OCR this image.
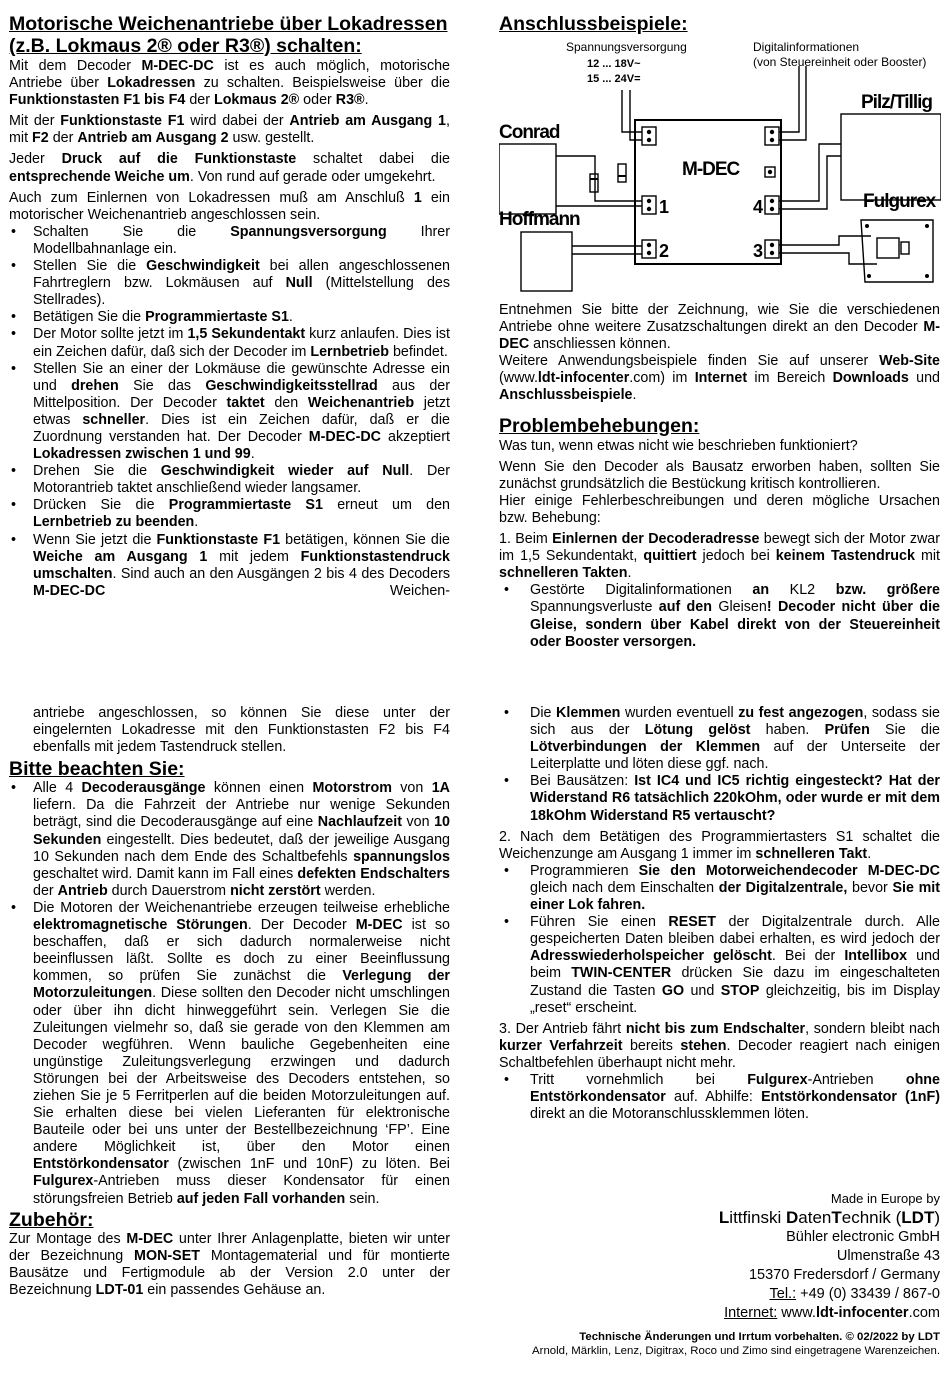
Motorische Weichenantriebe über Lokadressen
(z.B. Lokmaus 2® oder R3®) schalten:
Mit dem Decoder M-DEC-DC ist es auch möglich, motorische Antriebe über Lokadressen zu schalten. Beispielsweise über die Funktionstasten F1 bis F4 der Lokmaus 2® oder R3®.
Mit der Funktionstaste F1 wird dabei der Antrieb am Ausgang 1, mit F2 der Antrieb am Ausgang 2 usw. gestellt.
Jeder Druck auf die Funktionstaste schaltet dabei die entsprechende Weiche um. Von rund auf gerade oder umgekehrt.
Auch zum Einlernen von Lokadressen muß am Anschluß 1 ein motorischer Weichenantrieb angeschlossen sein.
• Schalten Sie die Spannungsversorgung Ihrer Modellbahnanlage ein.
• Stellen Sie die Geschwindigkeit bei allen angeschlossenen Fahrtreglern bzw. Lokmäusen auf Null (Mittelstellung des Stellrades).
• Betätigen Sie die Programmiertaste S1.
• Der Motor sollte jetzt im 1,5 Sekundentakt kurz anlaufen. Dies ist ein Zeichen dafür, daß sich der Decoder im Lernbetrieb befindet.
• Stellen Sie an einer der Lokmäuse die gewünschte Adresse ein und drehen Sie das Geschwindigkeitsstellrad aus der Mittelposition. Der Decoder taktet den Weichenantrieb jetzt etwas schneller. Dies ist ein Zeichen dafür, daß er die Zuordnung verstanden hat. Der Decoder M-DEC-DC akzeptiert Lokadressen zwischen 1 und 99.
• Drehen Sie die Geschwindigkeit wieder auf Null. Der Motorantrieb taktet anschließend wieder langsamer.
• Drücken Sie die Programmiertaste S1 erneut um den Lernbetrieb zu beenden.
• Wenn Sie jetzt die Funktionstaste F1 betätigen, können Sie die Weiche am Ausgang 1 mit jedem Funktionstastendruck umschalten. Sind auch an den Ausgängen 2 bis 4 des Decoders M-DEC-DC Weichen-
antriebe angeschlossen, so können Sie diese unter der eingelernten Lokadresse mit den Funktionstasten F2 bis F4 ebenfalls mit jedem Tastendruck stellen.
Bitte beachten Sie:
• Alle 4 Decoderausgänge können einen Motorstrom von 1A liefern. Da die Fahrzeit der Antriebe nur wenige Sekunden beträgt, sind die Decoderausgänge auf eine Nachlaufzeit von 10 Sekunden eingestellt. Dies bedeutet, daß der jeweilige Ausgang 10 Sekunden nach dem Ende des Schaltbefehls spannungslos geschaltet wird. Damit kann im Fall eines defekten Endschalters der Antrieb durch Dauerstrom nicht zerstört werden.
• Die Motoren der Weichenantriebe erzeugen teilweise erhebliche elektromagnetische Störungen. Der Decoder M-DEC ist so beschaffen, daß er sich dadurch normalerweise nicht beeinflussen läßt. Sollte es doch zu einer Beeinflussung kommen, so prüfen Sie zunächst die Verlegung der Motorzuleitungen. Diese sollten den Decoder nicht umschlingen oder über ihn dicht hinweggeführt sein. Verlegen Sie die Zuleitungen vielmehr so, daß sie gerade von den Klemmen am Decoder wegführen. Wenn bauliche Gegebenheiten eine ungünstige Zuleitungsverlegung erzwingen und dadurch Störungen bei der Arbeitsweise des Decoders entstehen, so ziehen Sie je 5 Ferritperlen auf die beiden Motorzuleitungen auf. Sie erhalten diese bei vielen Lieferanten für elektronische Bauteile oder bei uns unter der Bestellbezeichnung ‘FP’. Eine andere Möglichkeit ist, über den Motor einen Entstörkondensator (zwischen 1nF und 10nF) zu löten. Bei Fulgurex-Antrieben muss dieser Kondensator für einen störungsfreien Betrieb auf jeden Fall vorhanden sein.
Zubehör:
Zur Montage des M-DEC unter Ihrer Anlagenplatte, bieten wir unter der Bezeichnung MON-SET Montagematerial und für montierte Bausätze und Fertigmodule ab der Version 2.0 unter der Bezeichnung LDT-01 ein passendes Gehäuse an.
Anschlussbeispiele:
Spannungsversorgung
12 ... 18V~
15 ... 24V=
Digitalinformationen
(von Steuereinheit oder Booster)
Pilz/Tillig
Conrad
Hoffmann
Fulgurex
M-DEC
1
2	3
4
Entnehmen Sie bitte der Zeichnung, wie Sie die verschiedenen Antriebe ohne weitere Zusatzschaltungen direkt an den Decoder M-DEC anschliessen können.
Weitere Anwendungsbeispiele finden Sie auf unserer Web-Site (www.ldt-infocenter.com) im Internet im Bereich Downloads und Anschlussbeispiele.
Problembehebungen:
Was tun, wenn etwas nicht wie beschrieben funktioniert?
Wenn Sie den Decoder als Bausatz erworben haben, sollten Sie zunächst grundsätzlich die Bestückung kritisch kontrollieren.
Hier einige Fehlerbeschreibungen und deren mögliche Ursachen bzw. Behebung:
1. Beim Einlernen der Decoderadresse bewegt sich der Motor zwar im 1,5 Sekundentakt, quittiert jedoch bei keinem Tastendruck mit schnelleren Takten.
• Gestörte Digitalinformationen an KL2 bzw. größere Spannungsverluste auf den Gleisen! Decoder nicht über die Gleise, sondern über Kabel direkt von der Steuereinheit oder Booster versorgen.
• Die Klemmen wurden eventuell zu fest angezogen, sodass sie sich aus der Lötung gelöst haben. Prüfen Sie die Lötverbindungen der Klemmen auf der Unterseite der Leiterplatte und löten diese ggf. nach.
• Bei Bausätzen: Ist IC4 und IC5 richtig eingesteckt? Hat der Widerstand R6 tatsächlich 220kOhm, oder wurde er mit dem 18kOhm Widerstand R5 vertauscht?
2. Nach dem Betätigen des Programmiertasters S1 schaltet die Weichenzunge am Ausgang 1 immer im schnelleren Takt.
• Programmieren Sie den Motorweichendecoder M-DEC-DC gleich nach dem Einschalten der Digitalzentrale, bevor Sie mit einer Lok fahren.
• Führen Sie einen RESET der Digitalzentrale durch. Alle gespeicherten Daten bleiben dabei erhalten, es wird jedoch der Adresswiederholspeicher gelöscht. Bei der Intellibox und beim TWIN-CENTER drücken Sie dazu im eingeschalteten Zustand die Tasten GO und STOP gleichzeitig, bis im Display „reset“ erscheint.
3. Der Antrieb fährt nicht bis zum Endschalter, sondern bleibt nach kurzer Verfahrzeit bereits stehen. Decoder reagiert nach einigen Schaltbefehlen überhaupt nicht mehr.
• Tritt vornehmlich bei Fulgurex-Antrieben ohne Entstörkondensator auf. Abhilfe: Entstörkondensator (1nF) direkt an die Motoranschlussklemmen löten.
Made in Europe by
Littfinski DatenTechnik (LDT)
Bühler electronic GmbH
Ulmenstraße 43
15370 Fredersdorf / Germany
Tel.: +49 (0) 33439 / 867-0
Internet: www.ldt-infocenter.com
Technische Änderungen und Irrtum vorbehalten. © 02/2022 by LDT
Arnold, Märklin, Lenz, Digitrax, Roco und Zimo sind eingetragene Warenzeichen.
